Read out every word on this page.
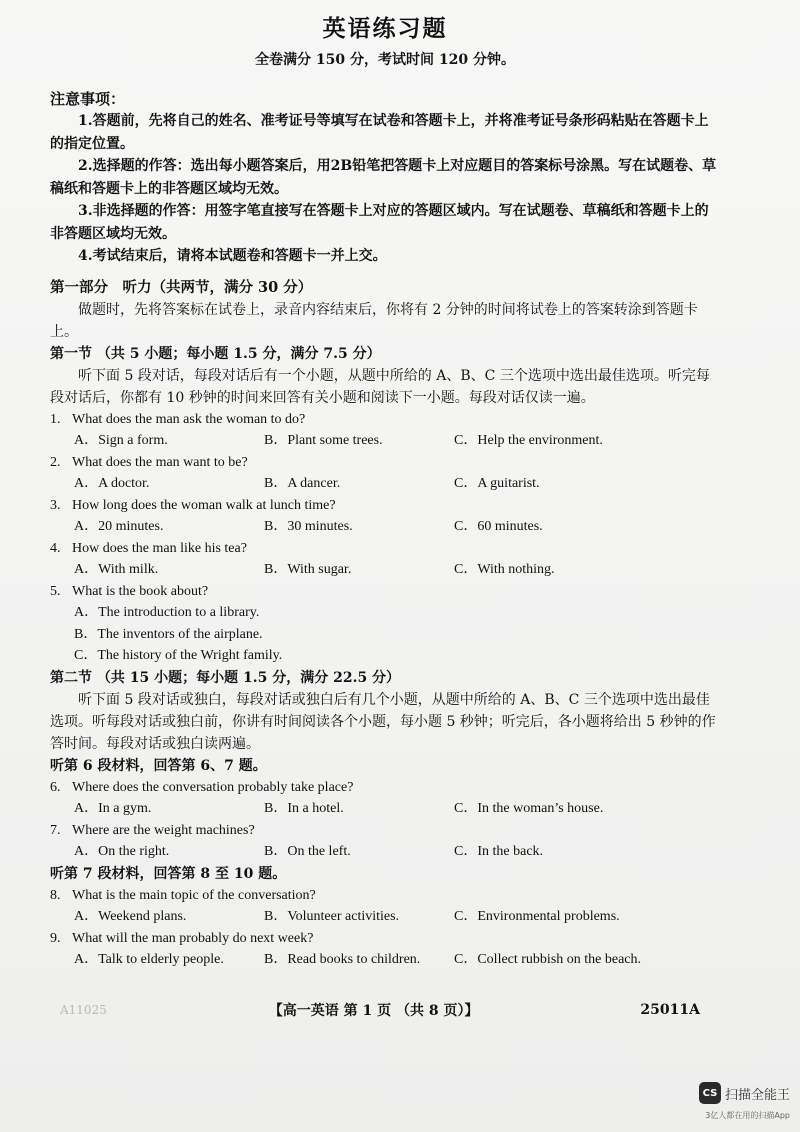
英语练习题
全卷满分 150 分，考试时间 120 分钟。
注意事项：

1.答题前，先将自己的姓名、准考证号等填写在试卷和答题卡上，并将准考证号条形码粘贴在答题卡上的指定位置。

2.选择题的作答：选出每小题答案后，用2B铅笔把答题卡上对应题目的答案标号涂黑。写在试题卷、草稿纸和答题卡上的非答题区域均无效。

3.非选择题的作答：用签字笔直接写在答题卡上对应的答题区域内。写在试题卷、草稿纸和答题卡上的非答题区域均无效。

4.考试结束后，请将本试题卷和答题卡一并上交。

第一部分　听力（共两节，满分 30 分）

做题时，先将答案标在试卷上，录音内容结束后，你将有 2 分钟的时间将试卷上的答案转涂到答题卡上。

第一节 （共 5 小题；每小题 1.5 分，满分 7.5 分）

听下面 5 段对话，每段对话后有一个小题，从题中所给的 A、B、C 三个选项中选出最佳选项。听完每段对话后，你都有 10 秒钟的时间来回答有关小题和阅读下一小题。每段对话仅读一遍。

1. What does the man ask the woman to do?
A．Sign a form.	B．Plant some trees.	C．Help the environment.
2. What does the man want to be?
A．A doctor.	B．A dancer.	C．A guitarist.
3. How long does the woman walk at lunch time?
A．20 minutes.	B．30 minutes.	C．60 minutes.
4. How does the man like his tea?
A．With milk.	B．With sugar.	C．With nothing.
5. What is the book about?
A．The introduction to a library.
B．The inventors of the airplane.
C．The history of the Wright family.
第二节 （共 15 小题；每小题 1.5 分，满分 22.5 分）

听下面 5 段对话或独白，每段对话或独白后有几个小题，从题中所给的 A、B、C 三个选项中选出最佳选项。听每段对话或独白前，你讲有时间阅读各个小题，每小题 5 秒钟；听完后，各小题将给出 5 秒钟的作答时间。每段对话或独白读两遍。

听第 6 段材料，回答第 6、7 题。
6. Where does the conversation probably take place?
A．In a gym.	B．In a hotel.	C．In the woman’s house.
7. Where are the weight machines?
A．On the right.	B．On the left.	C．In the back.
听第 7 段材料，回答第 8 至 10 题。
8. What is the main topic of the conversation?
A．Weekend plans.	B．Volunteer activities.	C．Environmental problems.
9. What will the man probably do next week?
A．Talk to elderly people.	B．Read books to children.	C．Collect rubbish on the beach.
A11025	【高一英语 第 1 页 （共 8 页）】	25011A
CS 扫描全能王
3亿人都在用的扫描App
